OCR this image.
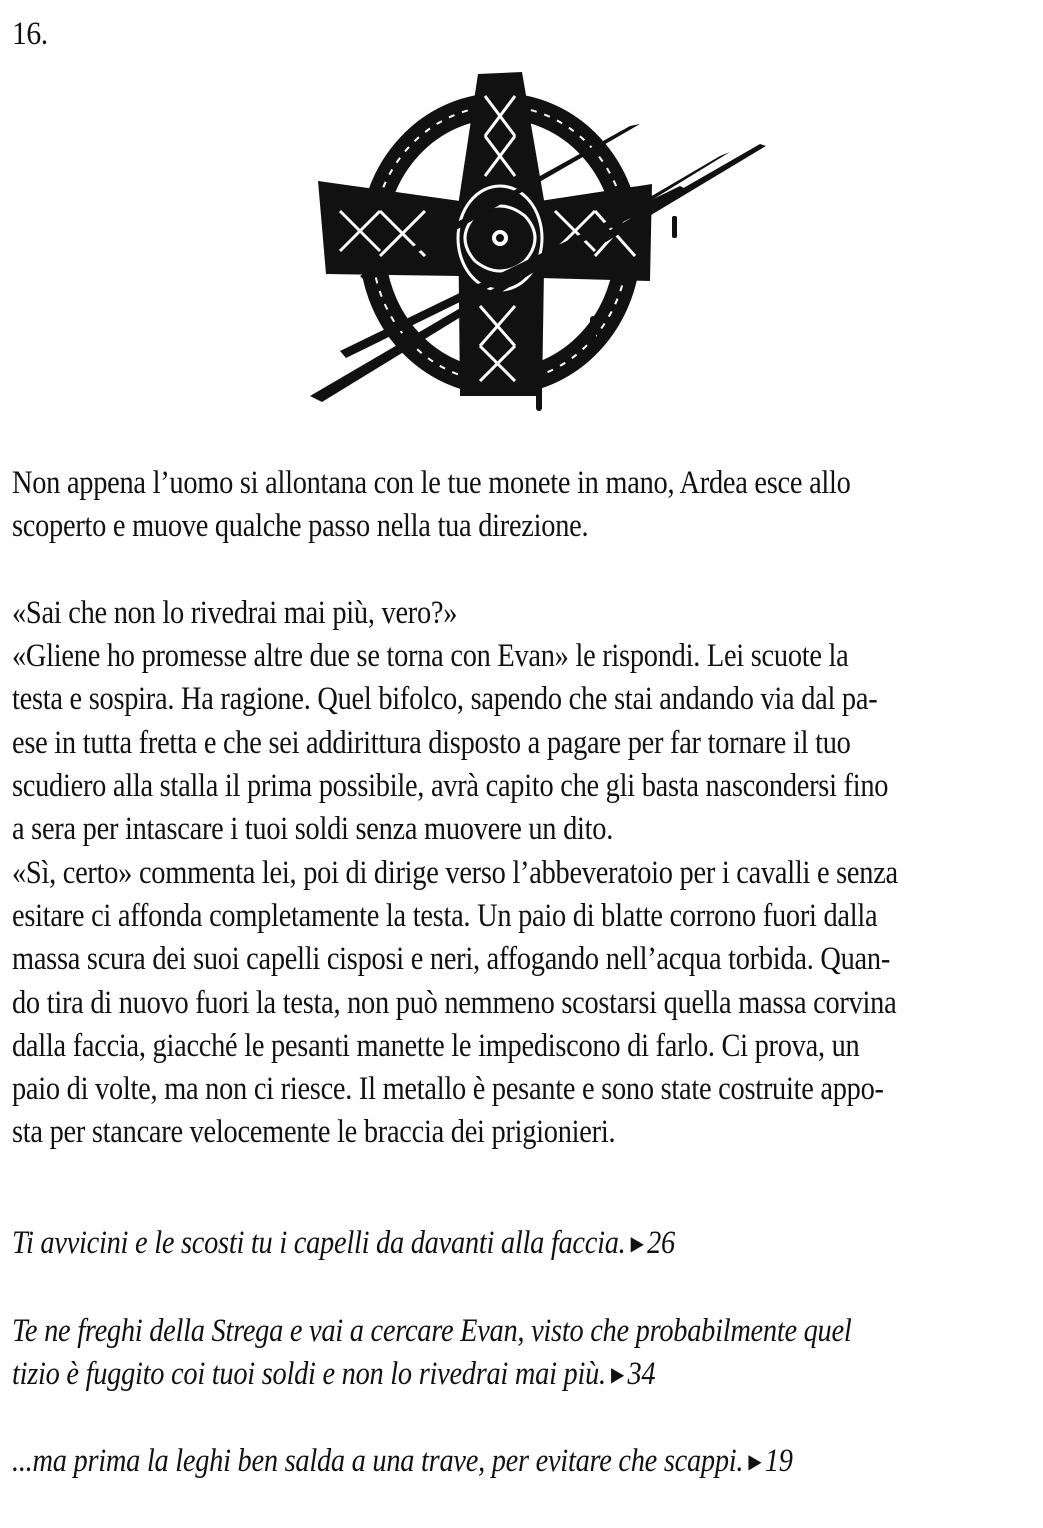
16.

Non appena l’uomo si allontana con le tue monete in mano, Ardea esce allo

scoperto e muove qualche passo nella tua direzione.

«Sai che non lo rivedrai mai più, vero?»

«Gliene ho promesse altre due se torna con Evan» le rispondi. Lei scuote la

testa e sospira. Ha ragione. Quel bifolco, sapendo che stai andando via dal pa-

ese in tutta fretta e che sei addirittura disposto a pagare per far tornare il tuo

scudiero alla stalla il prima possibile, avrà capito che gli basta nascondersi fino

a sera per intascare i tuoi soldi senza muovere un dito.

«Sì, certo» commenta lei, poi di dirige verso l’abbeveratoio per i cavalli e senza

esitare ci affonda completamente la testa. Un paio di blatte corrono fuori dalla

massa scura dei suoi capelli cisposi e neri, affogando nell’acqua torbida. Quan-

do tira di nuovo fuori la testa, non può nemmeno scostarsi quella massa corvina

dalla faccia, giacché le pesanti manette le impediscono di farlo. Ci prova, un

paio di volte, ma non ci riesce. Il metallo è pesante e sono state costruite appo-

sta per stancare velocemente le braccia dei prigionieri.

Ti avvicini e le scosti tu i capelli da davanti alla faccia. ▶ 26
Te ne freghi della Strega e vai a cercare Evan, visto che probabilmente quel
tizio è fuggito coi tuoi soldi e non lo rivedrai mai più. ▶ 34
...ma prima la leghi ben salda a una trave, per evitare che scappi. ▶ 19
